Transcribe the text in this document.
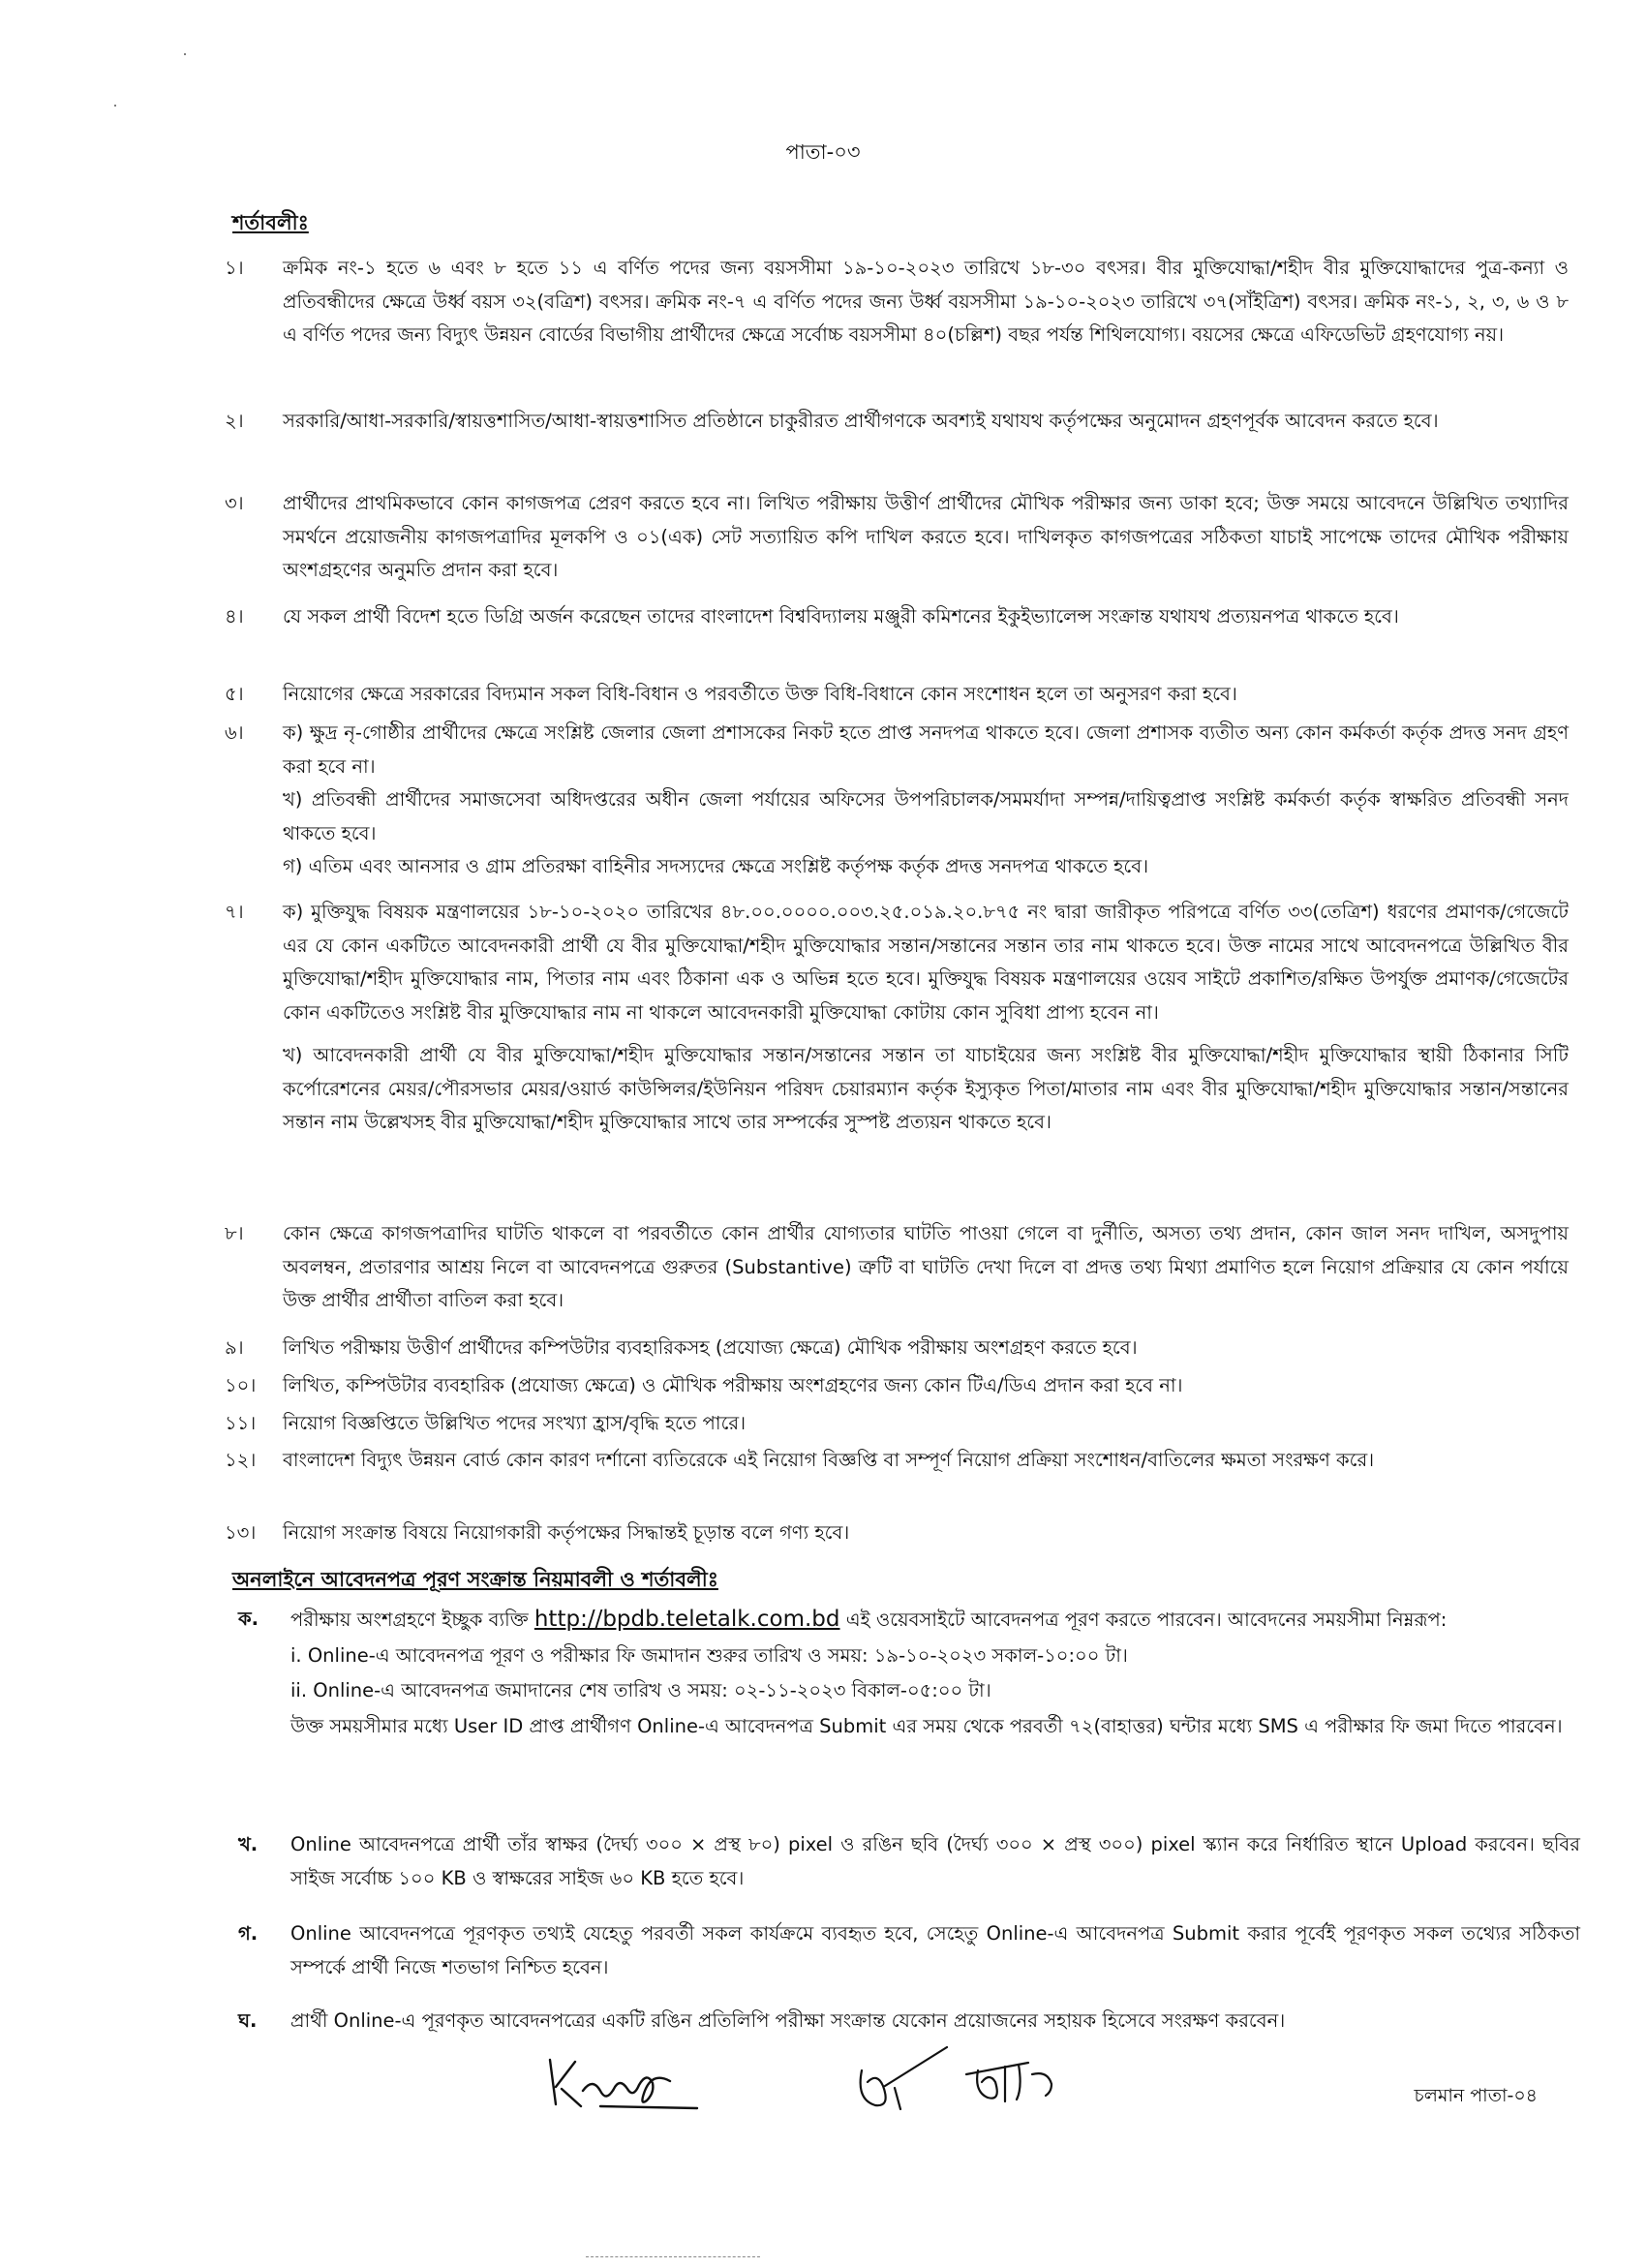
পাতা-০৩
শর্তাবলীঃ
১।	ক্রমিক নং-১ হতে ৬ এবং ৮ হতে ১১ এ বর্ণিত পদের জন্য বয়সসীমা ১৯-১০-২০২৩ তারিখে ১৮-৩০ বৎসর। বীর মুক্তিযোদ্ধা/শহীদ বীর মুক্তিযোদ্ধাদের পুত্র-কন্যা ও প্রতিবন্ধীদের ক্ষেত্রে উর্ধ্ব বয়স ৩২(বত্রিশ) বৎসর। ক্রমিক নং-৭ এ বর্ণিত পদের জন্য উর্ধ্ব বয়সসীমা ১৯-১০-২০২৩ তারিখে ৩৭(সাঁইত্রিশ) বৎসর। ক্রমিক নং-১, ২, ৩, ৬ ও ৮ এ বর্ণিত পদের জন্য বিদ্যুৎ উন্নয়ন বোর্ডের বিভাগীয় প্রার্থীদের ক্ষেত্রে সর্বোচ্চ বয়সসীমা ৪০(চল্লিশ) বছর পর্যন্ত শিথিলযোগ্য। বয়সের ক্ষেত্রে এফিডেভিট গ্রহণযোগ্য নয়।

২।	সরকারি/আধা-সরকারি/স্বায়ত্তশাসিত/আধা-স্বায়ত্তশাসিত প্রতিষ্ঠানে চাকুরীরত প্রার্থীগণকে অবশ্যই যথাযথ কর্তৃপক্ষের অনুমোদন গ্রহণপূর্বক আবেদন করতে হবে।

৩।	প্রার্থীদের প্রাথমিকভাবে কোন কাগজপত্র প্রেরণ করতে হবে না। লিখিত পরীক্ষায় উত্তীর্ণ প্রার্থীদের মৌখিক পরীক্ষার জন্য ডাকা হবে; উক্ত সময়ে আবেদনে উল্লিখিত তথ্যাদির সমর্থনে প্রয়োজনীয় কাগজপত্রাদির মূলকপি ও ০১(এক) সেট সত্যায়িত কপি দাখিল করতে হবে। দাখিলকৃত কাগজপত্রের সঠিকতা যাচাই সাপেক্ষে তাদের মৌখিক পরীক্ষায় অংশগ্রহণের অনুমতি প্রদান করা হবে।

৪।	যে সকল প্রার্থী বিদেশ হতে ডিগ্রি অর্জন করেছেন তাদের বাংলাদেশ বিশ্ববিদ্যালয় মঞ্জুরী কমিশনের ইকুইভ্যালেন্স সংক্রান্ত যথাযথ প্রত্যয়নপত্র থাকতে হবে।

৫।	নিয়োগের ক্ষেত্রে সরকারের বিদ্যমান সকল বিধি-বিধান ও পরবর্তীতে উক্ত বিধি-বিধানে কোন সংশোধন হলে তা অনুসরণ করা হবে।

৬।	ক) ক্ষুদ্র নৃ-গোষ্ঠীর প্রার্থীদের ক্ষেত্রে সংশ্লিষ্ট জেলার জেলা প্রশাসকের নিকট হতে প্রাপ্ত সনদপত্র থাকতে হবে। জেলা প্রশাসক ব্যতীত অন্য কোন কর্মকর্তা কর্তৃক প্রদত্ত সনদ গ্রহণ করা হবে না।

খ) প্রতিবন্ধী প্রার্থীদের সমাজসেবা অধিদপ্তরের অধীন জেলা পর্যায়ের অফিসের উপপরিচালক/সমমর্যাদা সম্পন্ন/দায়িত্বপ্রাপ্ত সংশ্লিষ্ট কর্মকর্তা কর্তৃক স্বাক্ষরিত প্রতিবন্ধী সনদ থাকতে হবে।

গ) এতিম এবং আনসার ও গ্রাম প্রতিরক্ষা বাহিনীর সদস্যদের ক্ষেত্রে সংশ্লিষ্ট কর্তৃপক্ষ কর্তৃক প্রদত্ত সনদপত্র থাকতে হবে।

৭।	ক) মুক্তিযুদ্ধ বিষয়ক মন্ত্রণালয়ের ১৮-১০-২০২০ তারিখের ৪৮.০০.০০০০.০০৩.২৫.০১৯.২০.৮৭৫ নং দ্বারা জারীকৃত পরিপত্রে বর্ণিত ৩৩(তেত্রিশ) ধরণের প্রমাণক/গেজেটে এর যে কোন একটিতে আবেদনকারী প্রার্থী যে বীর মুক্তিযোদ্ধা/শহীদ মুক্তিযোদ্ধার সন্তান/সন্তানের সন্তান তার নাম থাকতে হবে। উক্ত নামের সাথে আবেদনপত্রে উল্লিখিত বীর মুক্তিযোদ্ধা/শহীদ মুক্তিযোদ্ধার নাম, পিতার নাম এবং ঠিকানা এক ও অভিন্ন হতে হবে। মুক্তিযুদ্ধ বিষয়ক মন্ত্রণালয়ের ওয়েব সাইটে প্রকাশিত/রক্ষিত উপর্যুক্ত প্রমাণক/গেজেটের কোন একটিতেও সংশ্লিষ্ট বীর মুক্তিযোদ্ধার নাম না থাকলে আবেদনকারী মুক্তিযোদ্ধা কোটায় কোন সুবিধা প্রাপ্য হবেন না।

খ) আবেদনকারী প্রার্থী যে বীর মুক্তিযোদ্ধা/শহীদ মুক্তিযোদ্ধার সন্তান/সন্তানের সন্তান তা যাচাইয়ের জন্য সংশ্লিষ্ট বীর মুক্তিযোদ্ধা/শহীদ মুক্তিযোদ্ধার স্থায়ী ঠিকানার সিটি কর্পোরেশনের মেয়র/পৌরসভার মেয়র/ওয়ার্ড কাউন্সিলর/ইউনিয়ন পরিষদ চেয়ারম্যান কর্তৃক ইস্যুকৃত পিতা/মাতার নাম এবং বীর মুক্তিযোদ্ধা/শহীদ মুক্তিযোদ্ধার সন্তান/সন্তানের সন্তান নাম উল্লেখসহ বীর মুক্তিযোদ্ধা/শহীদ মুক্তিযোদ্ধার সাথে তার সম্পর্কের সুস্পষ্ট প্রত্যয়ন থাকতে হবে।

৮।	কোন ক্ষেত্রে কাগজপত্রাদির ঘাটতি থাকলে বা পরবর্তীতে কোন প্রার্থীর যোগ্যতার ঘাটতি পাওয়া গেলে বা দুর্নীতি, অসত্য তথ্য প্রদান, কোন জাল সনদ দাখিল, অসদুপায় অবলম্বন, প্রতারণার আশ্রয় নিলে বা আবেদনপত্রে গুরুতর (Substantive) ত্রুটি বা ঘাটতি দেখা দিলে বা প্রদত্ত তথ্য মিথ্যা প্রমাণিত হলে নিয়োগ প্রক্রিয়ার যে কোন পর্যায়ে উক্ত প্রার্থীর প্রার্থীতা বাতিল করা হবে।

৯।	লিখিত পরীক্ষায় উত্তীর্ণ প্রার্থীদের কম্পিউটার ব্যবহারিকসহ (প্রযোজ্য ক্ষেত্রে) মৌখিক পরীক্ষায় অংশগ্রহণ করতে হবে।

১০।	লিখিত, কম্পিউটার ব্যবহারিক (প্রযোজ্য ক্ষেত্রে) ও মৌখিক পরীক্ষায় অংশগ্রহণের জন্য কোন টিএ/ডিএ প্রদান করা হবে না।

১১।	নিয়োগ বিজ্ঞপ্তিতে উল্লিখিত পদের সংখ্যা হ্রাস/বৃদ্ধি হতে পারে।

১২।	বাংলাদেশ বিদ্যুৎ উন্নয়ন বোর্ড কোন কারণ দর্শানো ব্যতিরেকে এই নিয়োগ বিজ্ঞপ্তি বা সম্পূর্ণ নিয়োগ প্রক্রিয়া সংশোধন/বাতিলের ক্ষমতা সংরক্ষণ করে।

১৩।	নিয়োগ সংক্রান্ত বিষয়ে নিয়োগকারী কর্তৃপক্ষের সিদ্ধান্তই চূড়ান্ত বলে গণ্য হবে।

অনলাইনে আবেদনপত্র পূরণ সংক্রান্ত নিয়মাবলী ও শর্তাবলীঃ
ক. পরীক্ষায় অংশগ্রহণে ইচ্ছুক ব্যক্তি http://bpdb.teletalk.com.bd এই ওয়েবসাইটে আবেদনপত্র পূরণ করতে পারবেন। আবেদনের সময়সীমা নিম্নরূপ:

i. Online-এ আবেদনপত্র পূরণ ও পরীক্ষার ফি জমাদান শুরুর তারিখ ও সময়: ১৯-১০-২০২৩ সকাল-১০:০০ টা।

ii. Online-এ আবেদনপত্র জমাদানের শেষ তারিখ ও সময়: ০২-১১-২০২৩ বিকাল-০৫:০০ টা।

উক্ত সময়সীমার মধ্যে User ID প্রাপ্ত প্রার্থীগণ Online-এ আবেদনপত্র Submit এর সময় থেকে পরবর্তী ৭২(বাহাত্তর) ঘন্টার মধ্যে SMS এ পরীক্ষার ফি জমা দিতে পারবেন।

খ. Online আবেদনপত্রে প্রার্থী তাঁর স্বাক্ষর (দৈর্ঘ্য ৩০০ × প্রস্থ ৮০) pixel ও রঙিন ছবি (দৈর্ঘ্য ৩০০ × প্রস্থ ৩০০) pixel স্ক্যান করে নির্ধারিত স্থানে Upload করবেন। ছবির সাইজ সর্বোচ্চ ১০০ KB ও স্বাক্ষরের সাইজ ৬০ KB হতে হবে।

গ. Online আবেদনপত্রে পূরণকৃত তথ্যই যেহেতু পরবর্তী সকল কার্যক্রমে ব্যবহৃত হবে, সেহেতু Online-এ আবেদনপত্র Submit করার পূর্বেই পূরণকৃত সকল তথ্যের সঠিকতা সম্পর্কে প্রার্থী নিজে শতভাগ নিশ্চিত হবেন।

ঘ. প্রার্থী Online-এ পূরণকৃত আবেদনপত্রের একটি রঙিন প্রতিলিপি পরীক্ষা সংক্রান্ত যেকোন প্রয়োজনের সহায়ক হিসেবে সংরক্ষণ করবেন।

চলমান পাতা-০৪
